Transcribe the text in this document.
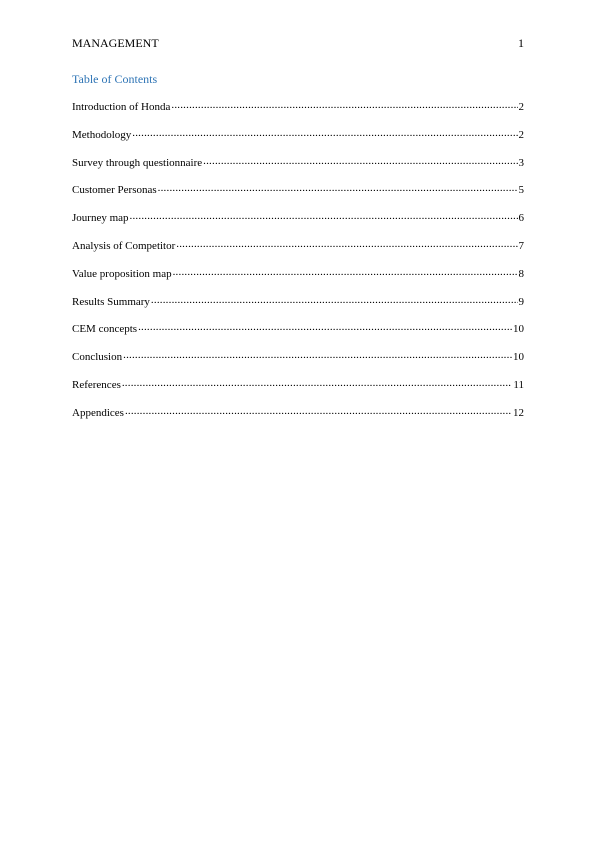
MANAGEMENT	1
Table of Contents
Introduction of Honda .....	2
Methodology .....	2
Survey through questionnaire .....	3
Customer Personas .....	5
Journey map .....	6
Analysis of Competitor .....	7
Value proposition map .....	8
Results Summary .....	9
CEM concepts .....	10
Conclusion .....	10
References .....	11
Appendices .....	12
